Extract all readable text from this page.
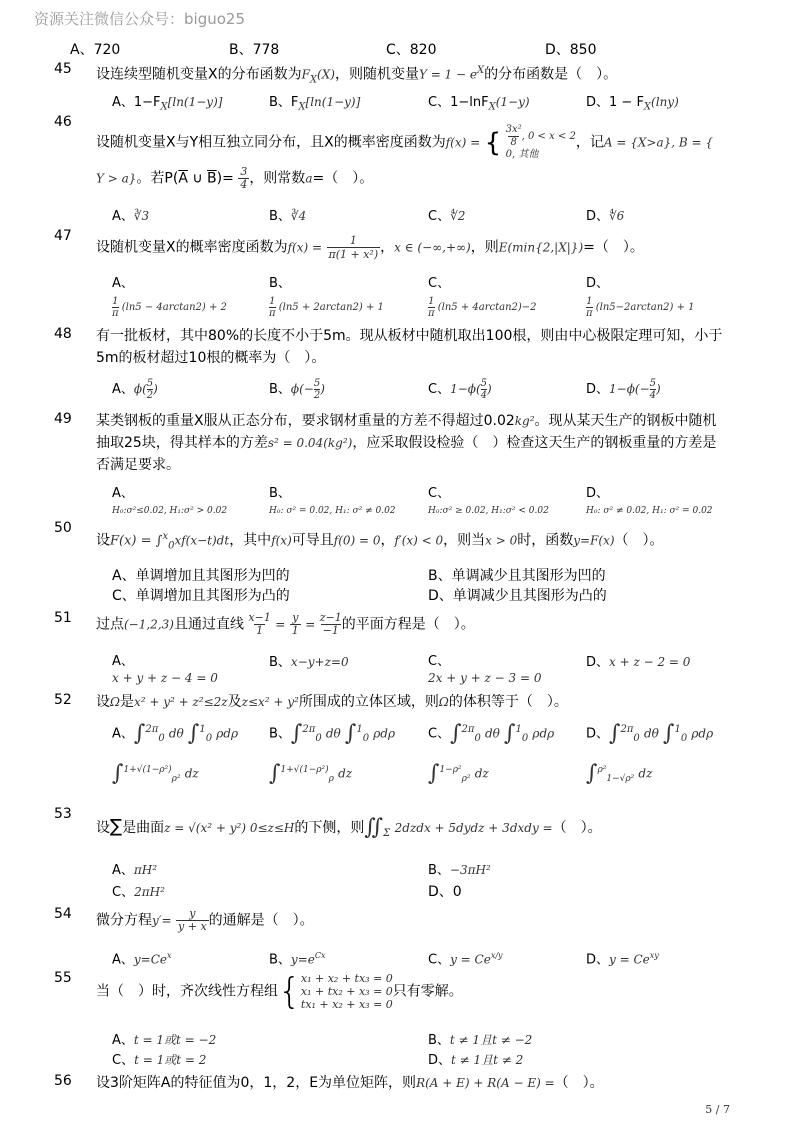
资源关注微信公众号：biguo25
A、720	B、778	C、820	D、850
45 设连续型随机变量X的分布函数为$F_X(X)$，则随机变量$Y = 1 - e^X$的分布函数是（　）。
A、$1-F_X[\ln(1-y)]$	B、$F_X[\ln(1-y)]$	C、1−lnF$_X$(1−y)	D、$1 - F_X(\ln y)$
46
设随机变量X与Y相互独立同分布，且X的概率密度函数为f(x) = { $\frac{\text{3x²}}{8}$, 0 < x < 2
0, 其他，记A = {X>a}, B = {
Y > a}。若$P(\overline{A}$ ∪ $\overline{B})= \frac{3}{4}$，则常数a=（　）。
A、∛3	B、∛4	C、∜2	D、∜6
47
设随机变量X的概率密度函数为$f(x) = \frac{1}{\text{π(1 + x²)}}$，x ∈ (−∞,+∞)，则E(min{2,|X|})=（　）。
A、	B、	C、	D、
$\frac{1}{\pi} (\ln 5 - 4\arctan 2) + 2$	$\frac{1}{\pi} (\ln 5 + 2\arctan 2) + 1$	$\frac{1}{\pi} (\ln 5 + 4\arctan 2)-2$	$\frac{1}{\pi} (\ln 5-2\arctan 2) + 1$
48 有一批板材，其中80%的长度不小于5m。现从板材中随机取出100根，则由中心极限定理可知，小于
5m的板材超过10根的概率为（　）。
A、$\phi(\frac{5}{2})$	B、$\phi(-\frac{5}{2})$	C、$1-\phi(\frac{5}{4})$	D、$1-\phi(-\frac{5}{4})$
49 某类钢板的重量X服从正态分布，要求钢材重量的方差不得超过0.02kg²。现从某天生产的钢板中随机
抽取25块，得其样本的方差s² = 0.04(kg²)，应采取假设检验（　）检查这天生产的钢板重量的方差是
否满足要求。
A、	B、	C、	D、
H₀:σ²≤0.02, H₁:σ² > 0.02	H₀: σ² = 0.02, H₁: σ² ≠ 0.02	H₀:σ² ≥ 0.02, H₁:σ² < 0.02	H₀: σ² ≠ 0.02, H₁: σ² = 0.02
50
设F(x) = ∫$^x_0$xf(x−t)dt，其中f(x)可导且f(0) = 0，f′(x) < 0，则当x > 0时，函数y=F(x)（　）。
A、单调增加且其图形为凹的	B、单调减少且其图形为凹的
C、单调增加且其图形为凸的	D、单调减少且其图形为凸的
51 过点(−1,2,3)且通过直线 $\frac{x-1}{1} = \frac{y}{1} = \frac{z-1}{-1}$的平面方程是（　）。
A、
x + y + z − 4 = 0
B、x−y+z=0	C、
2x + y + z − 3 = 0
D、x + z − 2 = 0
52 设Ω是x² + y² + z²≤2z及z≤x² + y²所围成的立体区域，则Ω的体积等于（　）。
A、∫$^{2\pi}_0$ dθ ∫$^1_0$ ρdρ
∫$^{1+√(1-\rho^2)}_{\rho^2}$ dz
B、∫$^{2\pi}_0$ dθ ∫$^1_0$ ρdρ
∫$^{1+√(1-\rho^2)}_\rho$ dz
C、∫$^{2\pi}_0$ dθ ∫$^1_0$ ρdρ
∫$^{1-\rho^2}_{\rho^2}$ dz
D、∫$^{2\pi}_0$ dθ ∫$^1_0$ ρdρ
∫$^{\rho^2}_{1-√\rho^2}$ dz
53
设∑是曲面z = √(x² + y²) 0≤z≤H的下侧，则$∬_\Sigma$ 2dzdx + 5dydz + 3dxdy =（　）。
A、πH²	B、−3πH²
C、2πH²	D、0
54 微分方程$y'= \frac{y}{y + x}$的通解是（　）。
A、$y=Ce^x$	B、$y=e^{Cx}$	C、$y = Ce^{x/y}$	D、$y = Ce^{xy}$
55
当（　）时，齐次线性方程组{x₁ + x₂ + tx₃ = 0
x₁ + tx₂ + x₃ = 0
tx₁ + x₂ + x₃ = 0只有零解。
A、t = 1或t = −2	B、t ≠ 1且t ≠ −2
C、t = 1或t = 2	D、t ≠ 1且t ≠ 2
56 设3阶矩阵A的特征值为0，1，2，E为单位矩阵，则R(A + E) + R(A − E) =（　）。
5 / 7
